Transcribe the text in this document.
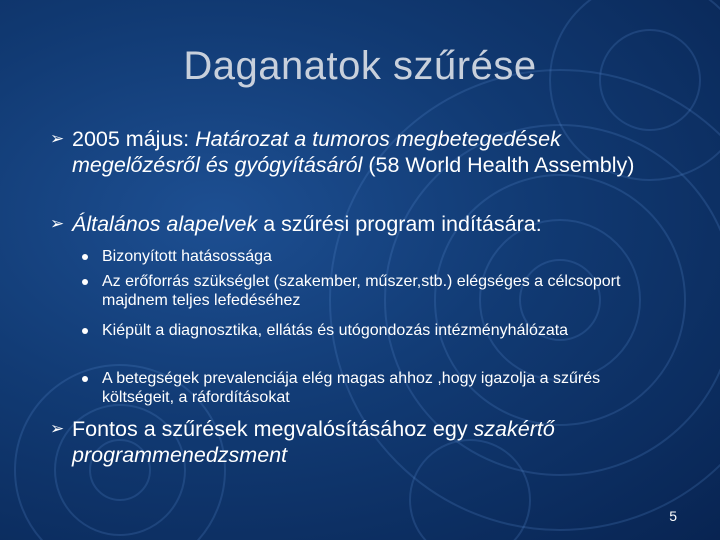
Daganatok szűrése
➢ 2005 május: Határozat a tumoros megbetegedések megelőzésről és gyógyításáról (58 World Health Assembly)
➢ Általános alapelvek a szűrési program indítására:
Bizonyított hatásossága
Az erőforrás szükséglet (szakember, műszer,stb.) elégséges a célcsoport majdnem teljes lefedéséhez
Kiépült a diagnosztika, ellátás és utógondozás intézményhálózata
A betegségek prevalenciája elég magas ahhoz ,hogy igazolja a szűrés költségeit, a ráfordításokat
➢ Fontos a szűrések megvalósításához egy szakértő programmenedzsment
5
